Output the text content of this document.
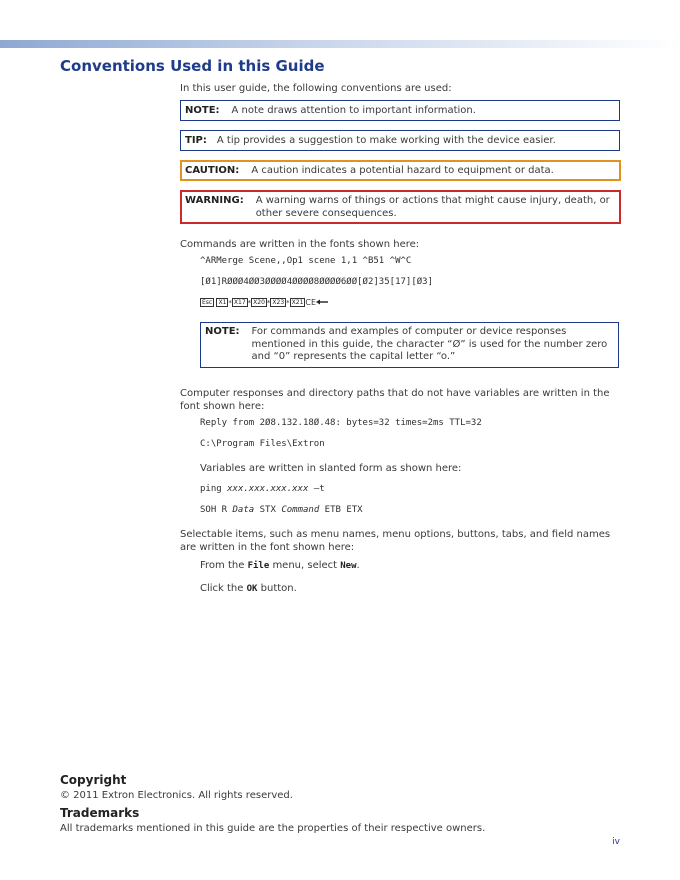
Conventions Used in this Guide

In this user guide, the following conventions are used:

NOTE: A note draws attention to important information.
TIP: A tip provides a suggestion to make working with the device easier.
CAUTION: A caution indicates a potential hazard to equipment or data.
WARNING: A warning warns of things or actions that might cause injury, death, or other severe consequences.

Commands are written in the fonts shown here:

^ARMerge Scene,,Op1 scene 1,1 ^B51 ^W^C
[Ø1]RØØØ4ØØ3ØØØØ4ØØØØ8ØØØØ6ØØ[Ø2]35[17][Ø3]
Esc X1 * X17 * X20 * X23 * X21 CE
NOTE: For commands and examples of computer or device responses mentioned in this guide, the character “Ø” is used for the number zero and “0” represents the capital letter “o.”

Computer responses and directory paths that do not have variables are written in the font shown here:

Reply from 2Ø8.132.18Ø.48: bytes=32 times=2ms TTL=32
C:\Program Files\Extron

Variables are written in slanted form as shown here:

ping xxx.xxx.xxx.xxx —t
SOH R Data STX Command ETB ETX

Selectable items, such as menu names, menu options, buttons, tabs, and field names are written in the font shown here:

From the File menu, select New.

Click the OK button.

Copyright
© 2011 Extron Electronics. All rights reserved.
Trademarks
All trademarks mentioned in this guide are the properties of their respective owners.
iv
